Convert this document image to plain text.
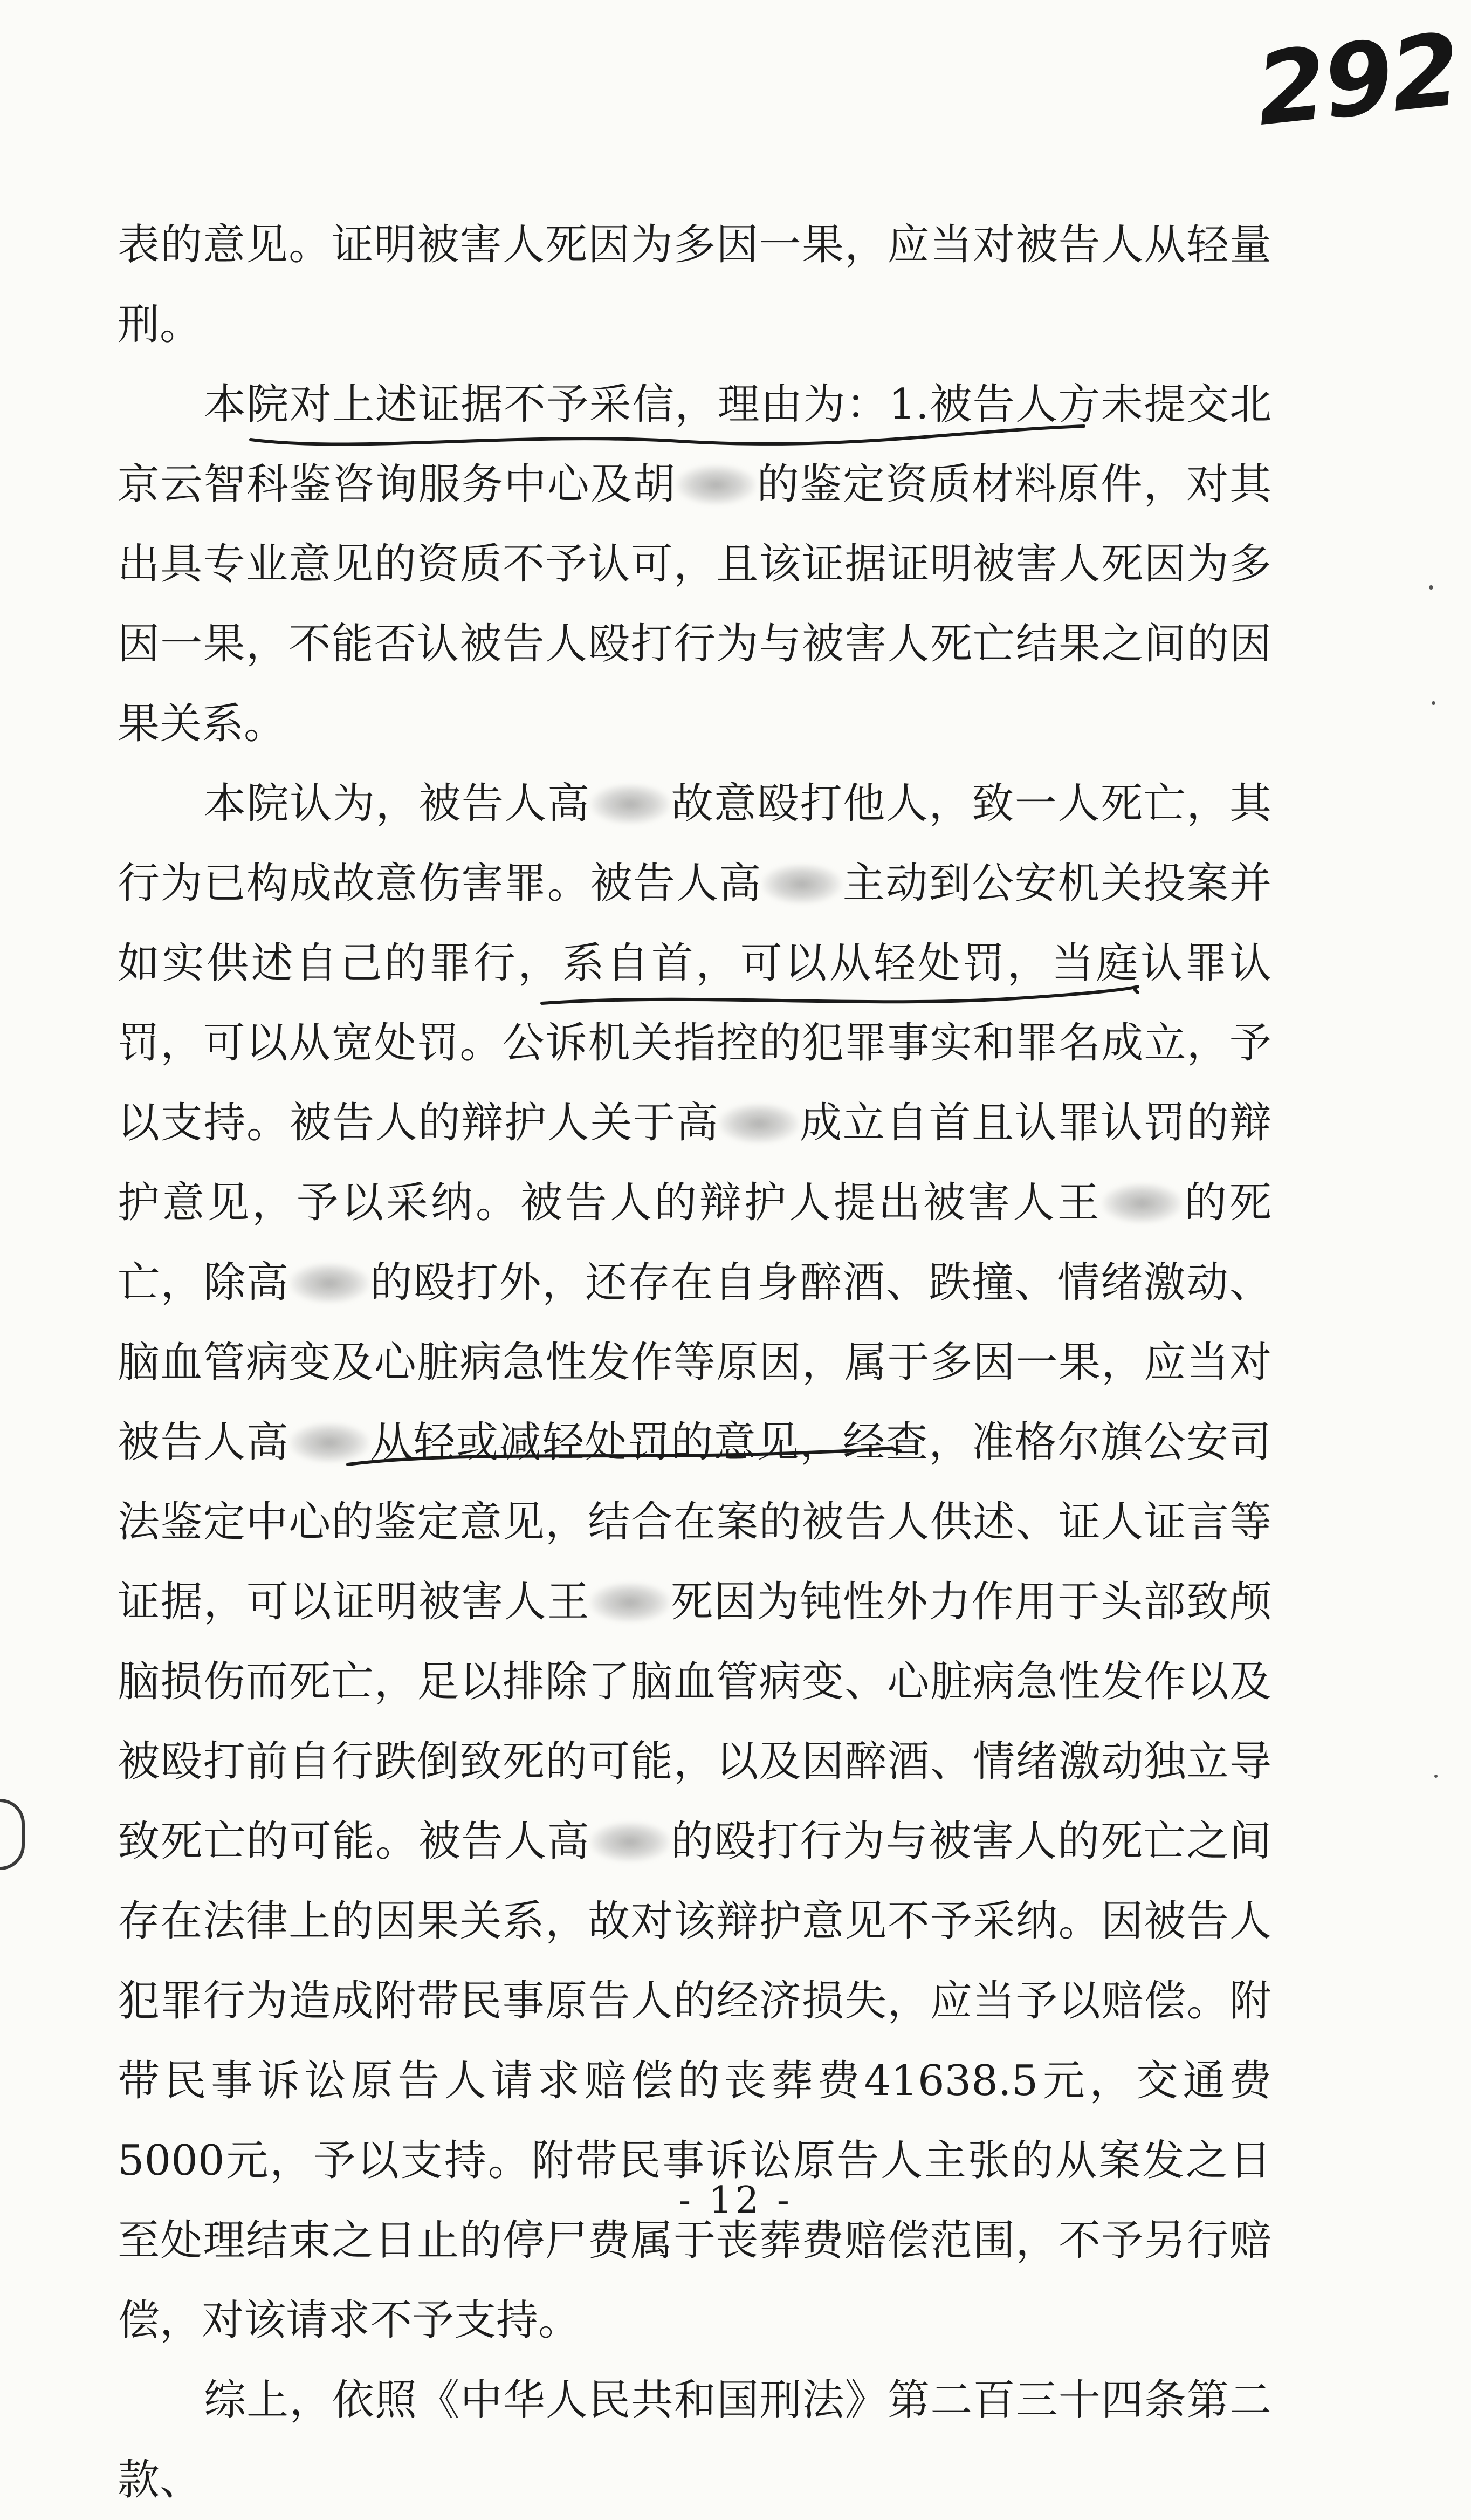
292

表的意见。证明被害人死因为多因一果，应当对被告人从轻量刑。

本院对上述证据不予采信，理由为：1.被告人方未提交北京云智科鉴咨询服务中心及胡 的鉴定资质材料原件，对其出具专业意见的资质不予认可，且该证据证明被害人死因为多因一果，不能否认被告人殴打行为与被害人死亡结果之间的因果关系。

本院认为，被告人高 故意殴打他人，致一人死亡，其行为已构成故意伤害罪。被告人高 主动到公安机关投案并如实供述自己的罪行，系自首，可以从轻处罚，当庭认罪认罚，可以从宽处罚。公诉机关指控的犯罪事实和罪名成立，予以支持。被告人的辩护人关于高 成立自首且认罪认罚的辩护意见，予以采纳。被告人的辩护人提出被害人王 的死亡，除高 的殴打外，还存在自身醉酒、跌撞、情绪激动、脑血管病变及心脏病急性发作等原因，属于多因一果，应当对被告人高 从轻或减轻处罚的意见，经查，准格尔旗公安司法鉴定中心的鉴定意见，结合在案的被告人供述、证人证言等证据，可以证明被害人王 死因为钝性外力作用于头部致颅脑损伤而死亡，足以排除了脑血管病变、心脏病急性发作以及被殴打前自行跌倒致死的可能，以及因醉酒、情绪激动独立导致死亡的可能。被告人高 的殴打行为与被害人的死亡之间存在法律上的因果关系，故对该辩护意见不予采纳。因被告人犯罪行为造成附带民事原告人的经济损失，应当予以赔偿。附带民事诉讼原告人请求赔偿的丧葬费41638.5元，交通费5000元，予以支持。附带民事诉讼原告人主张的从案发之日至处理结束之日止的停尸费属于丧葬费赔偿范围，不予另行赔偿，对该请求不予支持。

综上，依照《中华人民共和国刑法》第二百三十四条第二款、

- 12 -
